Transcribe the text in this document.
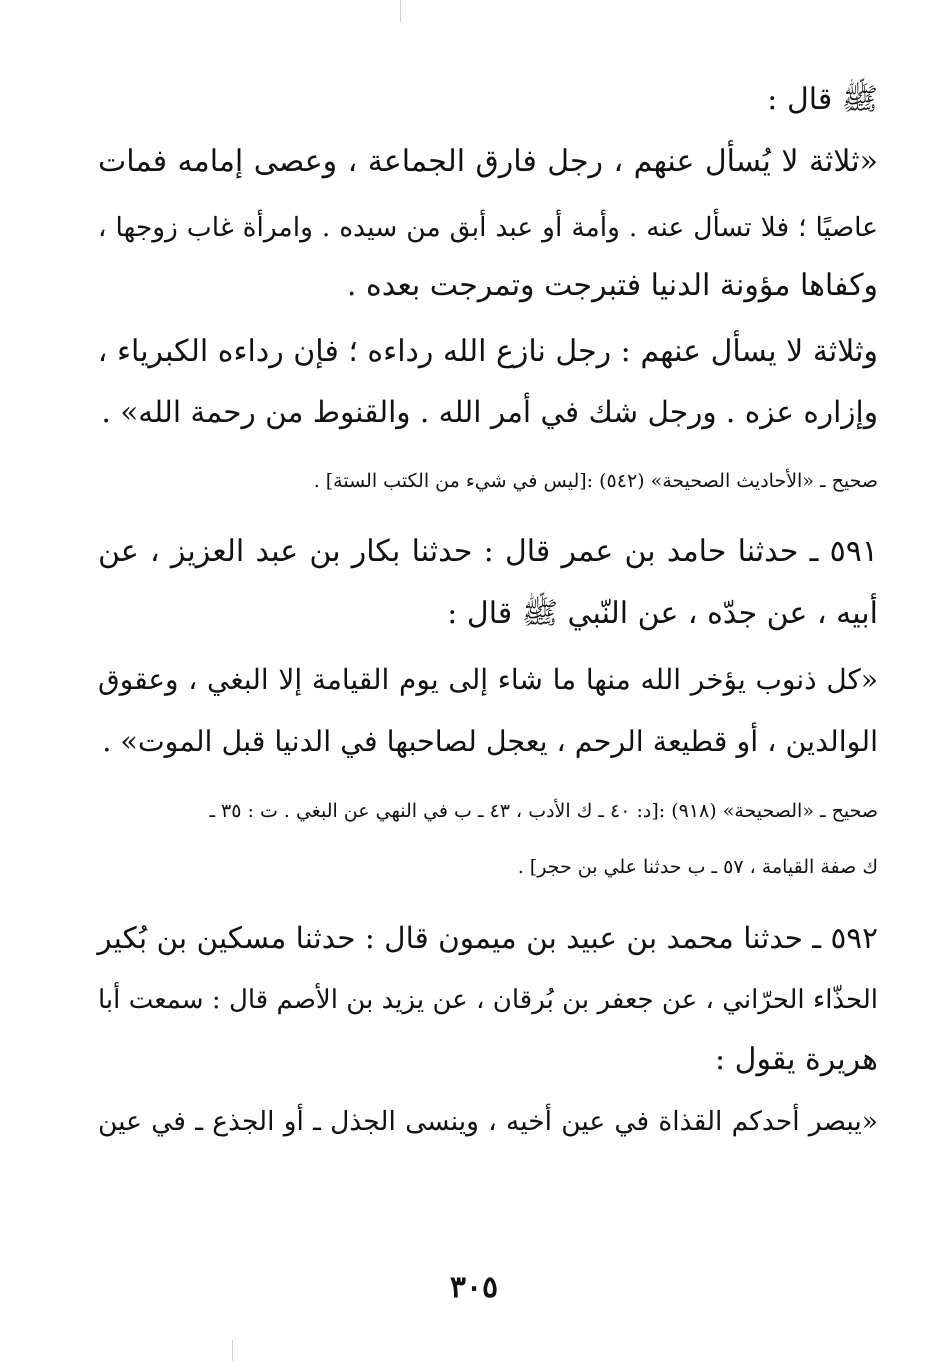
ﷺ قال :
«ثلاثة لا يُسأل عنهم ، رجل فارق الجماعة ، وعصى إمامه فمات
عاصيًا ؛ فلا تسأل عنه . وأمة أو عبد أبق من سيده . وامرأة غاب زوجها ،
وكفاها مؤونة الدنيا فتبرجت وتمرجت بعده .
وثلاثة لا يسأل عنهم : رجل نازع الله رداءه ؛ فإن رداءه الكبرياء ،
وإزاره عزه . ورجل شك في أمر الله . والقنوط من رحمة الله» .
صحيح ـ «الأحاديث الصحيحة» (٥٤٢) :[ليس في شيء من الكتب الستة] .
٥٩١ ـ حدثنا حامد بن عمر قال : حدثنا بكار بن عبد العزيز ، عن
أبيه ، عن جدّه ، عن النّبي ﷺ قال :
«كل ذنوب يؤخر الله منها ما شاء إلى يوم القيامة إلا البغي ، وعقوق
الوالدين ، أو قطيعة الرحم ، يعجل لصاحبها في الدنيا قبل الموت» .
صحيح ـ «الصحيحة» (٩١٨) :[د: ٤٠ ـ ك الأدب ، ٤٣ ـ ب في النهي عن البغي . ت : ٣٥ ـ
ك صفة القيامة ، ٥٧ ـ ب حدثنا علي بن حجر] .
٥٩٢ ـ حدثنا محمد بن عبيد بن ميمون قال : حدثنا مسكين بن بُكير
الحذّاء الحرّاني ، عن جعفر بن بُرقان ، عن يزيد بن الأصم قال : سمعت أبا
هريرة يقول :
«يبصر أحدكم القذاة في عين أخيه ، وينسى الجذل ـ أو الجذع ـ في عين
٣٠٥
